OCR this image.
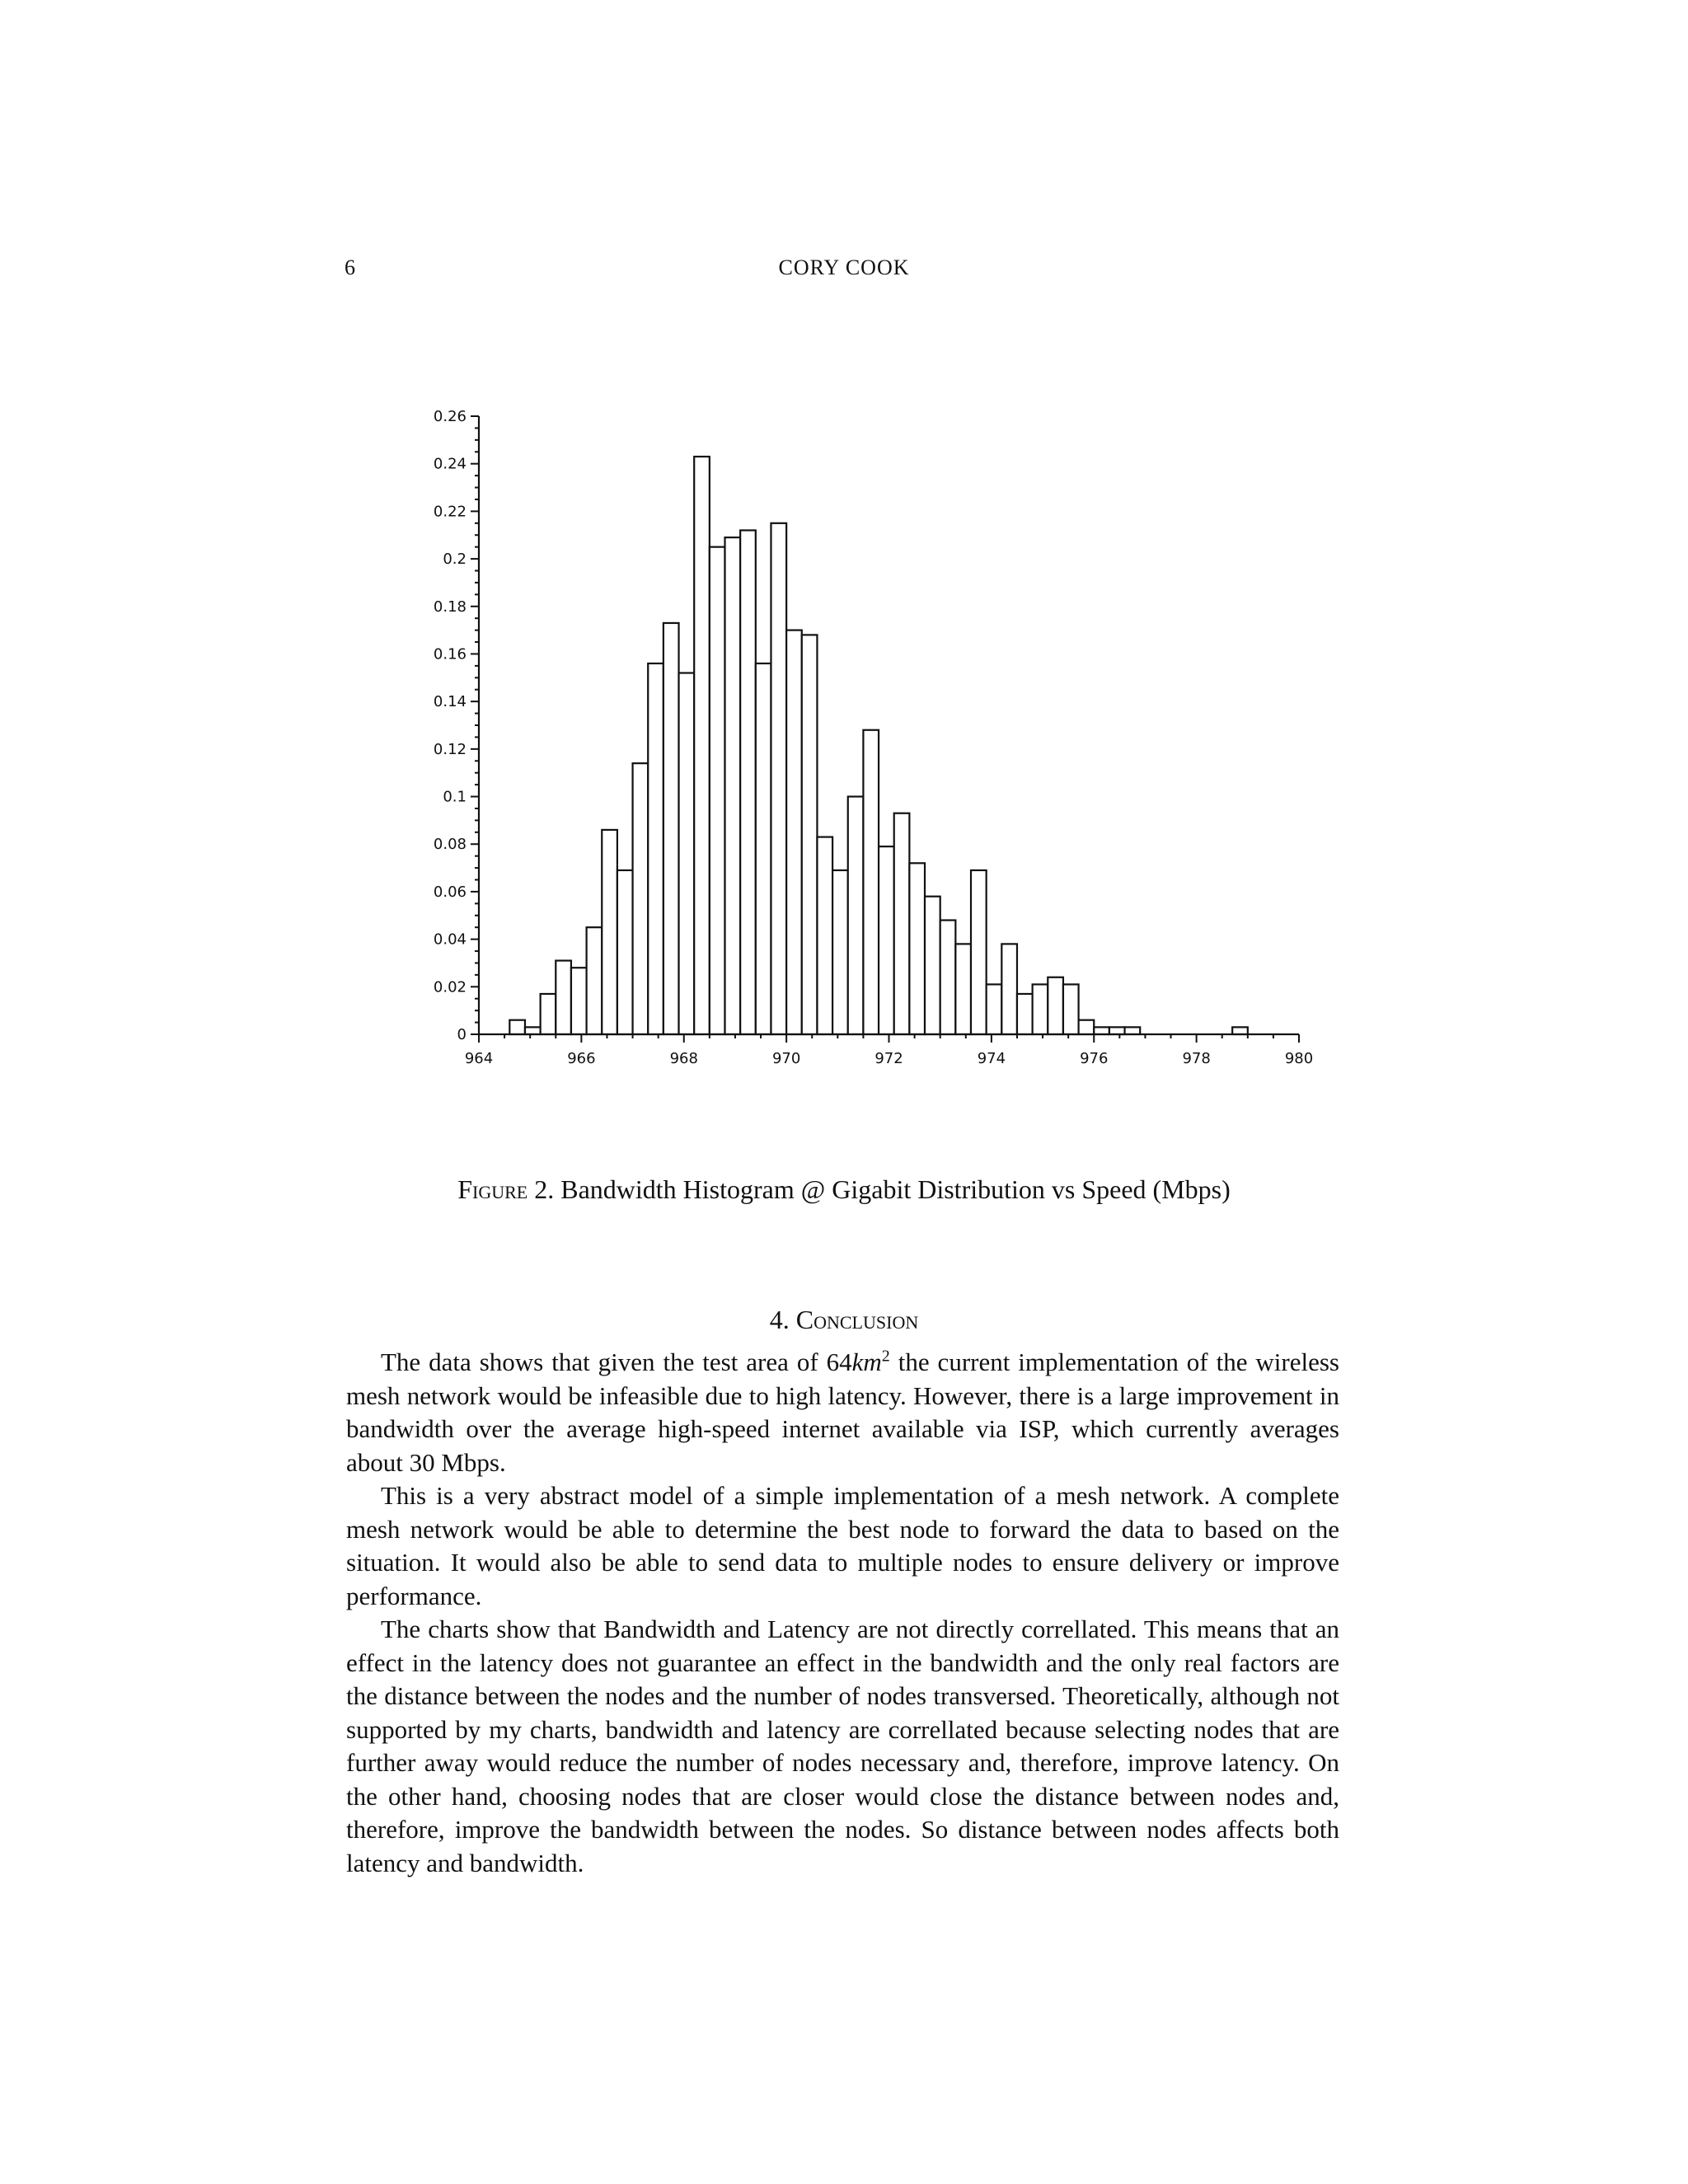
6	CORY COOK
964	966	968	970	972	974	976	978	980
0
0.02
0.04
0.06
0.08
0.1
0.12
0.14
0.16
0.18
0.2
0.22
0.24
0.26
Figure 2. Bandwidth Histogram @ Gigabit Distribution vs Speed (Mbps)
4. Conclusion

The data shows that given the test area of $64km^2$ the current implementation of the wireless mesh network would be infeasible due to high latency. However, there is a large improvement in bandwidth over the average high-speed internet available via ISP, which currently averages about 30 Mbps.

This is a very abstract model of a simple implementation of a mesh network. A complete mesh network would be able to determine the best node to forward the data to based on the situation. It would also be able to send data to multiple nodes to ensure delivery or improve performance.

The charts show that Bandwidth and Latency are not directly correllated. This means that an effect in the latency does not guarantee an effect in the bandwidth and the only real factors are the distance between the nodes and the number of nodes transversed. Theoretically, although not supported by my charts, bandwidth and latency are correllated because selecting nodes that are further away would reduce the number of nodes necessary and, therefore, improve latency. On the other hand, choosing nodes that are closer would close the distance between nodes and, therefore, improve the bandwidth between the nodes. So distance between nodes affects both latency and bandwidth.
